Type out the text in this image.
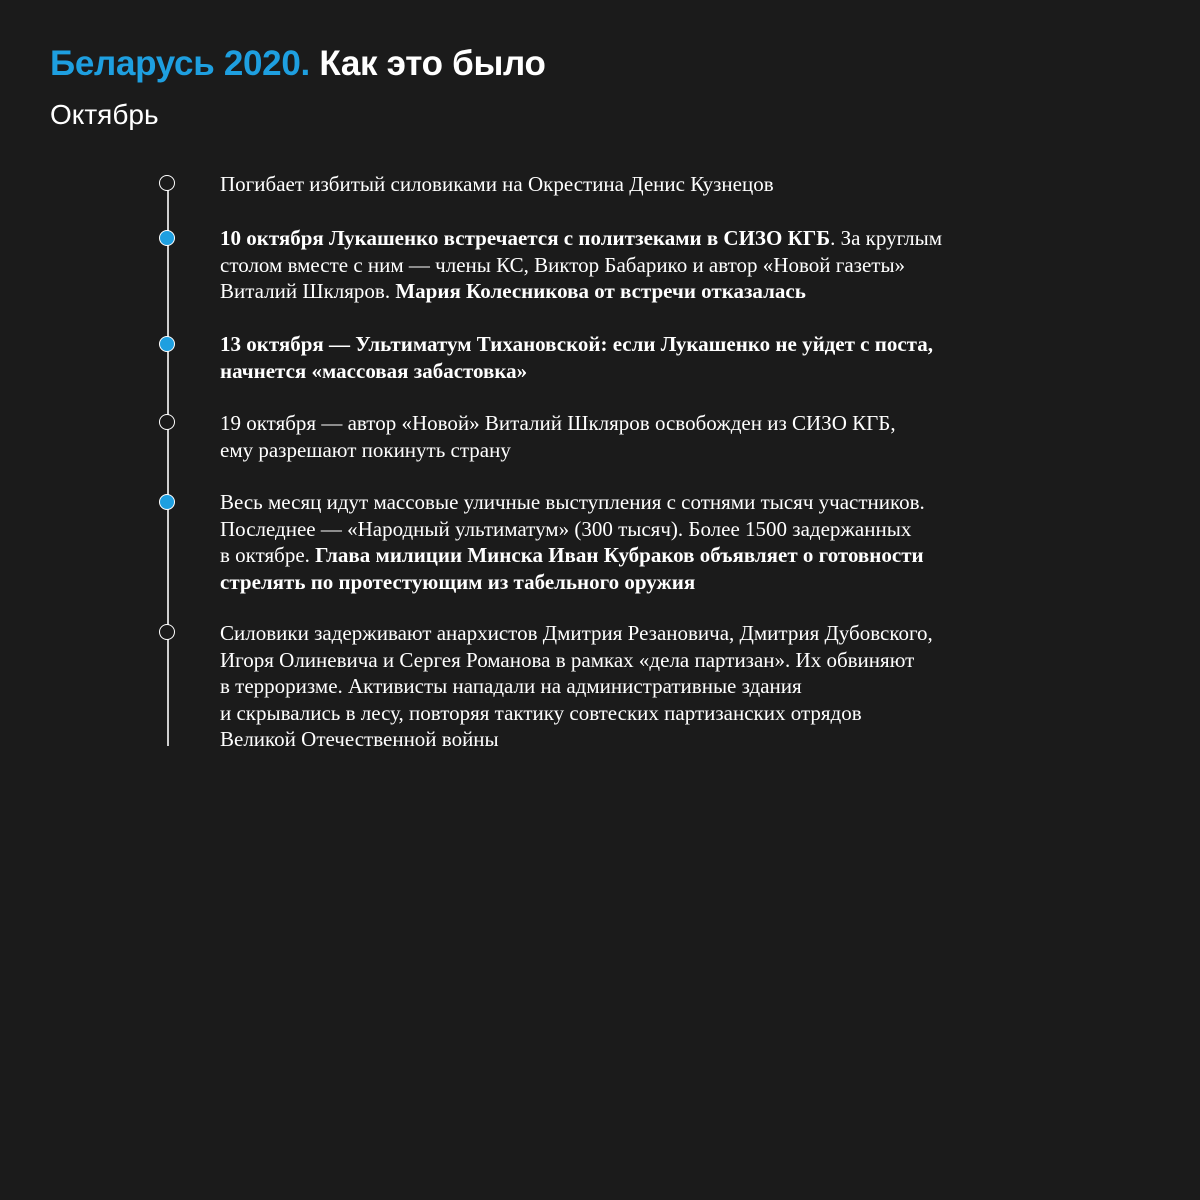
Беларусь 2020. Как это было
Октябрь
Погибает избитый силовиками на Окрестина Денис Кузнецов
10 октября Лукашенко встречается с политзеками в СИЗО КГБ. За круглым
столом вместе с ним — члены КС, Виктор Бабарико и автор «Новой газеты»
Виталий Шкляров. Мария Колесникова от встречи отказалась
13 октября — Ультиматум Тихановской: если Лукашенко не уйдет с поста,
начнется «массовая забастовка»
19 октября — автор «Новой» Виталий Шкляров освобожден из СИЗО КГБ,
ему разрешают покинуть страну
Весь месяц идут массовые уличные выступления с сотнями тысяч участников.
Последнее — «Народный ультиматум» (300 тысяч). Более 1500 задержанных
в октябре. Глава милиции Минска Иван Кубраков объявляет о готовности
стрелять по протестующим из табельного оружия
Силовики задерживают анархистов Дмитрия Резановича, Дмитрия Дубовского,
Игоря Олиневича и Сергея Романова в рамках «дела партизан». Их обвиняют
в терроризме. Активисты нападали на административные здания
и скрывались в лесу, повторяя тактику совтеских партизанских отрядов
Великой Отечественной войны
